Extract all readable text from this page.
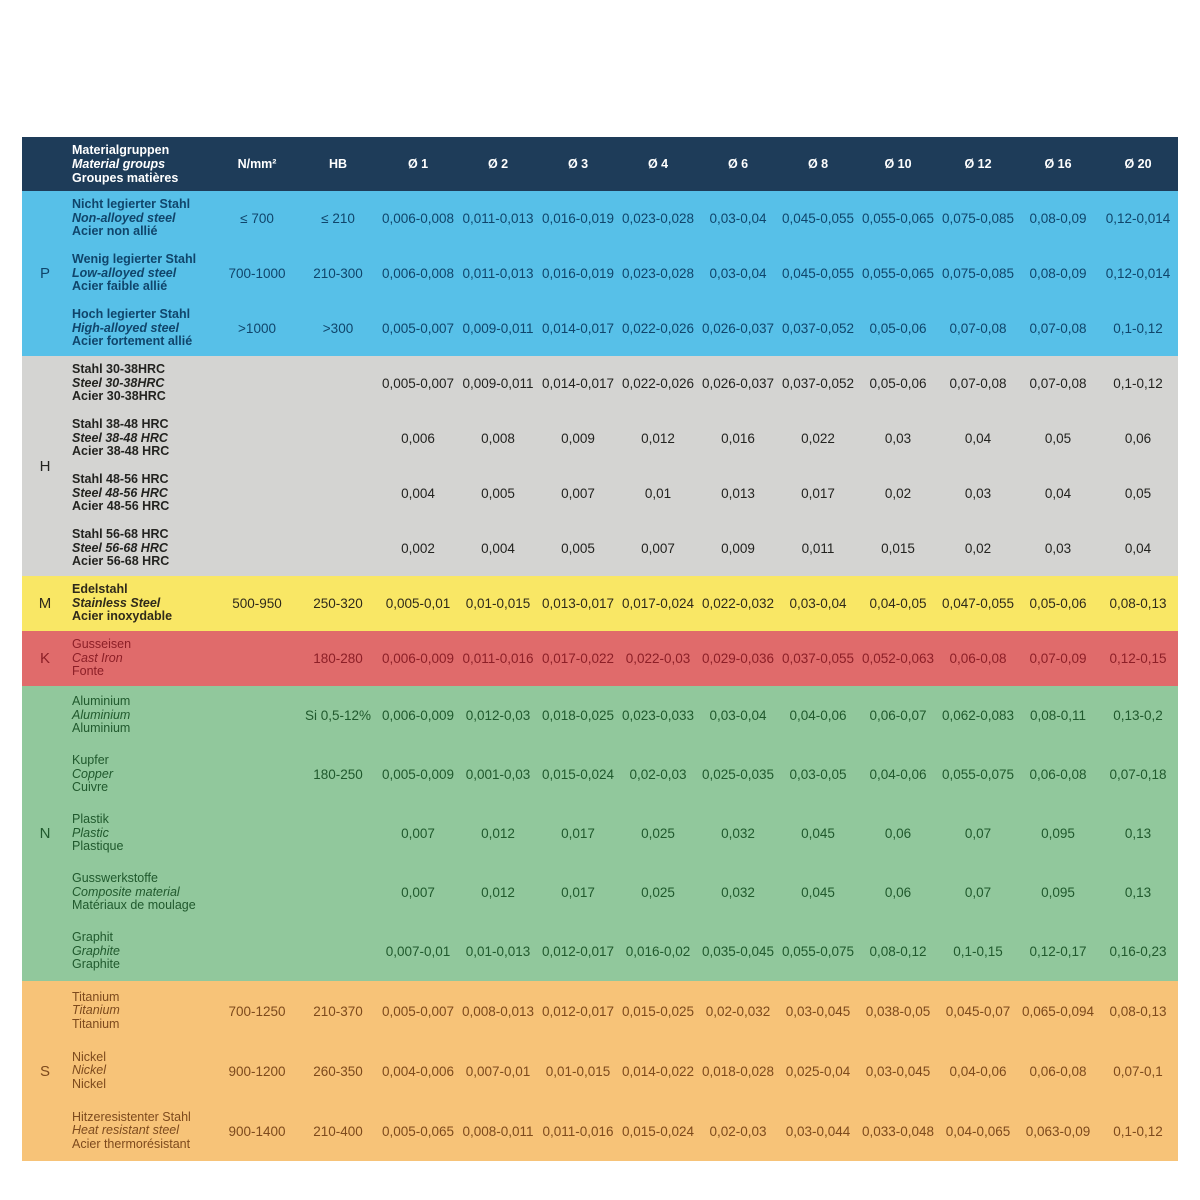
Materialgruppen
Material groups
Groupes matières		N/mm²	HB	Ø 1	Ø 2	Ø 3	Ø 4	Ø 6	Ø 8	Ø 10	Ø 12	Ø 16	Ø 20
P	Nicht legierter Stahl
Non-alloyed steel
Acier non allié	≤ 700	≤ 210	0,006-0,008	0,011-0,013	0,016-0,019	0,023-0,028	0,03-0,04	0,045-0,055	0,055-0,065	0,075-0,085	0,08-0,09	0,12-0,014

	Wenig legierter Stahl
Low-alloyed steel
Acier faible allié	700-1000	210-300	0,006-0,008	0,011-0,013	0,016-0,019	0,023-0,028	0,03-0,04	0,045-0,055	0,055-0,065	0,075-0,085	0,08-0,09	0,12-0,014

	Hoch legierter Stahl
High-alloyed steel
Acier fortement allié	>1000	>300	0,005-0,007	0,009-0,011	0,014-0,017	0,022-0,026	0,026-0,037	0,037-0,052	0,05-0,06	0,07-0,08	0,07-0,08	0,1-0,12
H	Stahl 30-38HRC
Steel 30-38HRC
Acier 30-38HRC			0,005-0,007	0,009-0,011	0,014-0,017	0,022-0,026	0,026-0,037	0,037-0,052	0,05-0,06	0,07-0,08	0,07-0,08	0,1-0,12

	Stahl 38-48 HRC
Steel 38-48 HRC
Acier 38-48 HRC			0,006	0,008	0,009	0,012	0,016	0,022	0,03	0,04	0,05	0,06

	Stahl 48-56 HRC
Steel 48-56 HRC
Acier 48-56 HRC			0,004	0,005	0,007	0,01	0,013	0,017	0,02	0,03	0,04	0,05

	Stahl 56-68 HRC
Steel 56-68 HRC
Acier 56-68 HRC			0,002	0,004	0,005	0,007	0,009	0,011	0,015	0,02	0,03	0,04
M	Edelstahl
Stainless Steel
Acier inoxydable	500-950	250-320	0,005-0,01	0,01-0,015	0,013-0,017	0,017-0,024	0,022-0,032	0,03-0,04	0,04-0,05	0,047-0,055	0,05-0,06	0,08-0,13
K	Gusseisen
Cast Iron
Fonte		180-280	0,006-0,009	0,011-0,016	0,017-0,022	0,022-0,03	0,029-0,036	0,037-0,055	0,052-0,063	0,06-0,08	0,07-0,09	0,12-0,15
N	Aluminium
Aluminium
Aluminium		Si 0,5-12%	0,006-0,009	0,012-0,03	0,018-0,025	0,023-0,033	0,03-0,04	0,04-0,06	0,06-0,07	0,062-0,083	0,08-0,11	0,13-0,2

	Kupfer
Copper
Cuivre		180-250	0,005-0,009	0,001-0,03	0,015-0,024	0,02-0,03	0,025-0,035	0,03-0,05	0,04-0,06	0,055-0,075	0,06-0,08	0,07-0,18

	Plastik
Plastic
Plastique			0,007	0,012	0,017	0,025	0,032	0,045	0,06	0,07	0,095	0,13

	Gusswerkstoffe
Composite material
Matériaux de moulage			0,007	0,012	0,017	0,025	0,032	0,045	0,06	0,07	0,095	0,13

	Graphit
Graphite
Graphite			0,007-0,01	0,01-0,013	0,012-0,017	0,016-0,02	0,035-0,045	0,055-0,075	0,08-0,12	0,1-0,15	0,12-0,17	0,16-0,23
S	Titanium
Titanium
Titanium	700-1250	210-370	0,005-0,007	0,008-0,013	0,012-0,017	0,015-0,025	0,02-0,032	0,03-0,045	0,038-0,05	0,045-0,07	0,065-0,094	0,08-0,13

	Nickel
Nickel
Nickel	900-1200	260-350	0,004-0,006	0,007-0,01	0,01-0,015	0,014-0,022	0,018-0,028	0,025-0,04	0,03-0,045	0,04-0,06	0,06-0,08	0,07-0,1

	Hitzeresistenter Stahl
Heat resistant steel
Acier thermorésistant	900-1400	210-400	0,005-0,065	0,008-0,011	0,011-0,016	0,015-0,024	0,02-0,03	0,03-0,044	0,033-0,048	0,04-0,065	0,063-0,09	0,1-0,12
